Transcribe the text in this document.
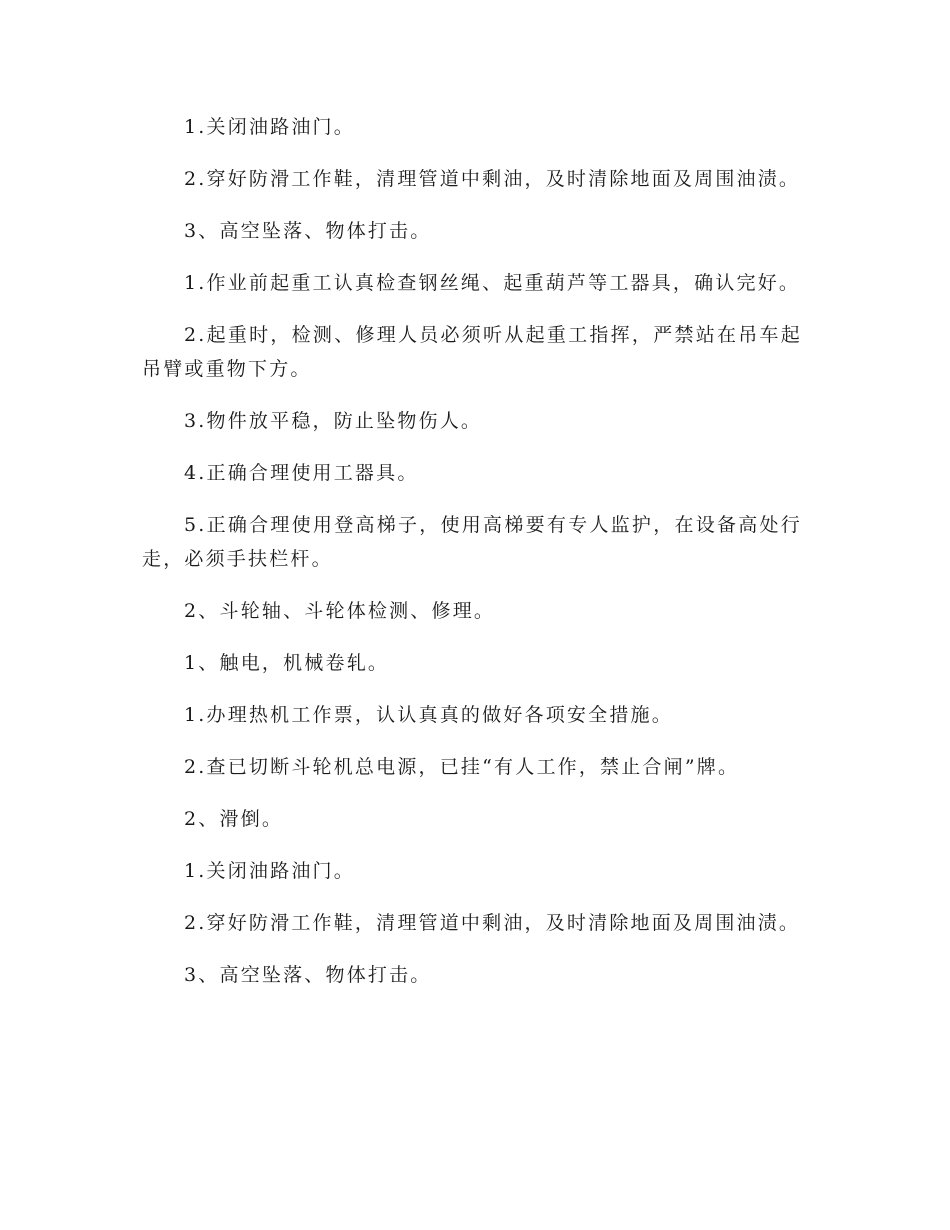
1.关闭油路油门。

2.穿好防滑工作鞋，清理管道中剩油，及时清除地面及周围油渍。

3、高空坠落、物体打击。

1.作业前起重工认真检查钢丝绳、起重葫芦等工器具，确认完好。

2.起重时，检测、修理人员必须听从起重工指挥，严禁站在吊车起吊臂或重物下方。

3.物件放平稳，防止坠物伤人。

4.正确合理使用工器具。

5.正确合理使用登高梯子，使用高梯要有专人监护，在设备高处行走，必须手扶栏杆。

2、斗轮轴、斗轮体检测、修理。

1、触电，机械卷轧。

1.办理热机工作票，认认真真的做好各项安全措施。

2.查已切断斗轮机总电源，已挂“有人工作，禁止合闸”牌。

2、滑倒。

1.关闭油路油门。

2.穿好防滑工作鞋，清理管道中剩油，及时清除地面及周围油渍。

3、高空坠落、物体打击。
